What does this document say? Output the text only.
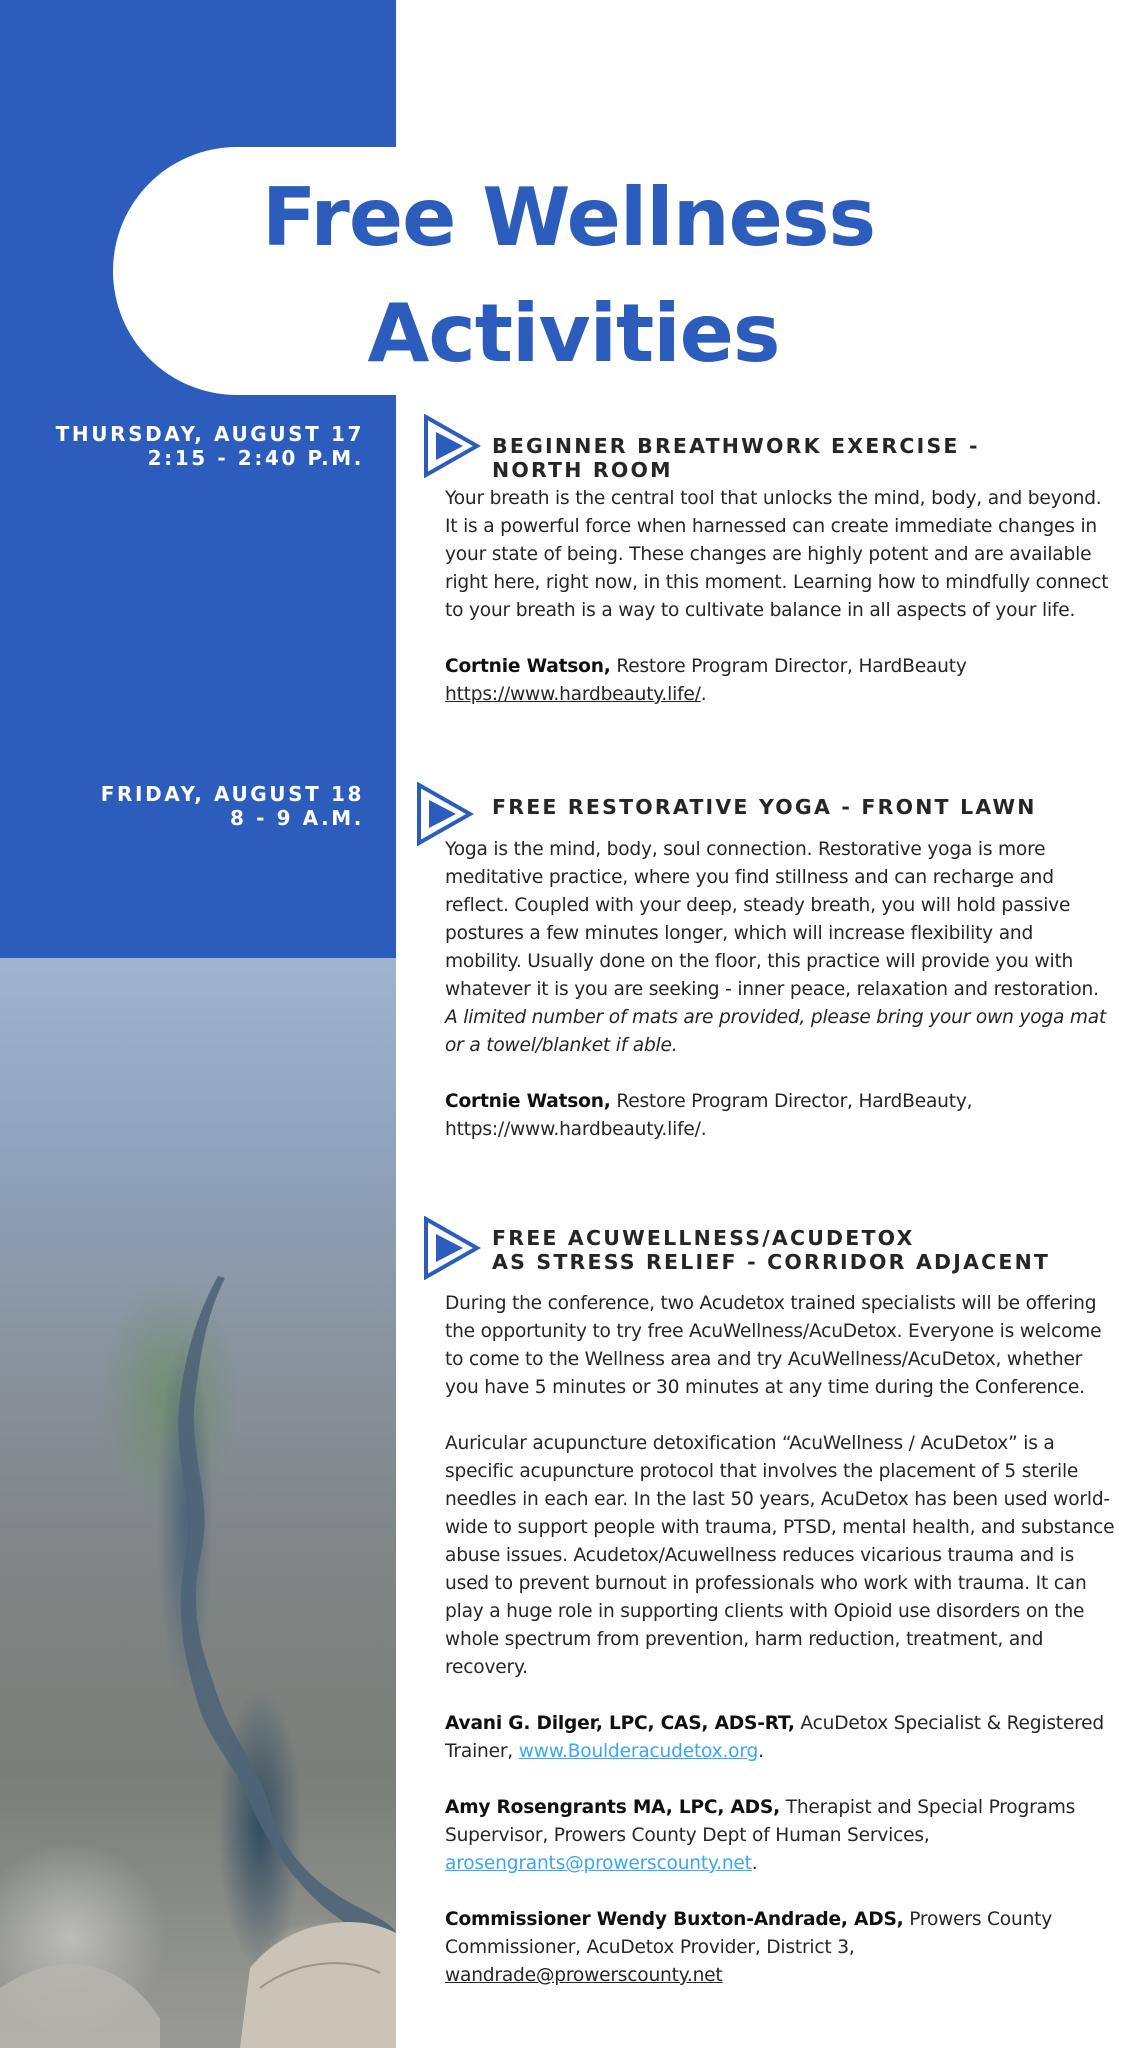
Free Wellness
Activities
THURSDAY, AUGUST 17
2:15 - 2:40 P.M.
FRIDAY, AUGUST 18
8 - 9 A.M.
BEGINNER BREATHWORK EXERCISE -
NORTH ROOM

Your breath is the central tool that unlocks the mind, body, and beyond. It is a powerful force when harnessed can create immediate changes in your state of being. These changes are highly potent and are available right here, right now, in this moment. Learning how to mindfully connect to your breath is a way to cultivate balance in all aspects of your life.

Cortnie Watson, Restore Program Director, HardBeauty
https://www.hardbeauty.life/.

FREE RESTORATIVE YOGA - FRONT LAWN

Yoga is the mind, body, soul connection. Restorative yoga is more meditative practice, where you find stillness and can recharge and reflect. Coupled with your deep, steady breath, you will hold passive postures a few minutes longer, which will increase flexibility and mobility. Usually done on the floor, this practice will provide you with whatever it is you are seeking - inner peace, relaxation and restoration.

A limited number of mats are provided, please bring your own yoga mat or a towel/blanket if able.

Cortnie Watson, Restore Program Director, HardBeauty,
https://www.hardbeauty.life/.

FREE ACUWELLNESS/ACUDETOX
AS STRESS RELIEF - CORRIDOR ADJACENT

During the conference, two Acudetox trained specialists will be offering the opportunity to try free AcuWellness/AcuDetox. Everyone is welcome to come to the Wellness area and try AcuWellness/AcuDetox, whether you have 5 minutes or 30 minutes at any time during the Conference.

Auricular acupuncture detoxification “AcuWellness / AcuDetox” is a specific acupuncture protocol that involves the placement of 5 sterile needles in each ear. In the last 50 years, AcuDetox has been used world-wide to support people with trauma, PTSD, mental health, and substance abuse issues. Acudetox/Acuwellness reduces vicarious trauma and is used to prevent burnout in professionals who work with trauma. It can play a huge role in supporting clients with Opioid use disorders on the whole spectrum from prevention, harm reduction, treatment, and recovery.

Avani G. Dilger, LPC, CAS, ADS-RT, AcuDetox Specialist & Registered Trainer, www.Boulderacudetox.org.

Amy Rosengrants MA, LPC, ADS, Therapist and Special Programs Supervisor, Prowers County Dept of Human Services, arosengrants@prowerscounty.net.

Commissioner Wendy Buxton-Andrade, ADS, Prowers County Commissioner, AcuDetox Provider, District 3, wandrade@prowerscounty.net
